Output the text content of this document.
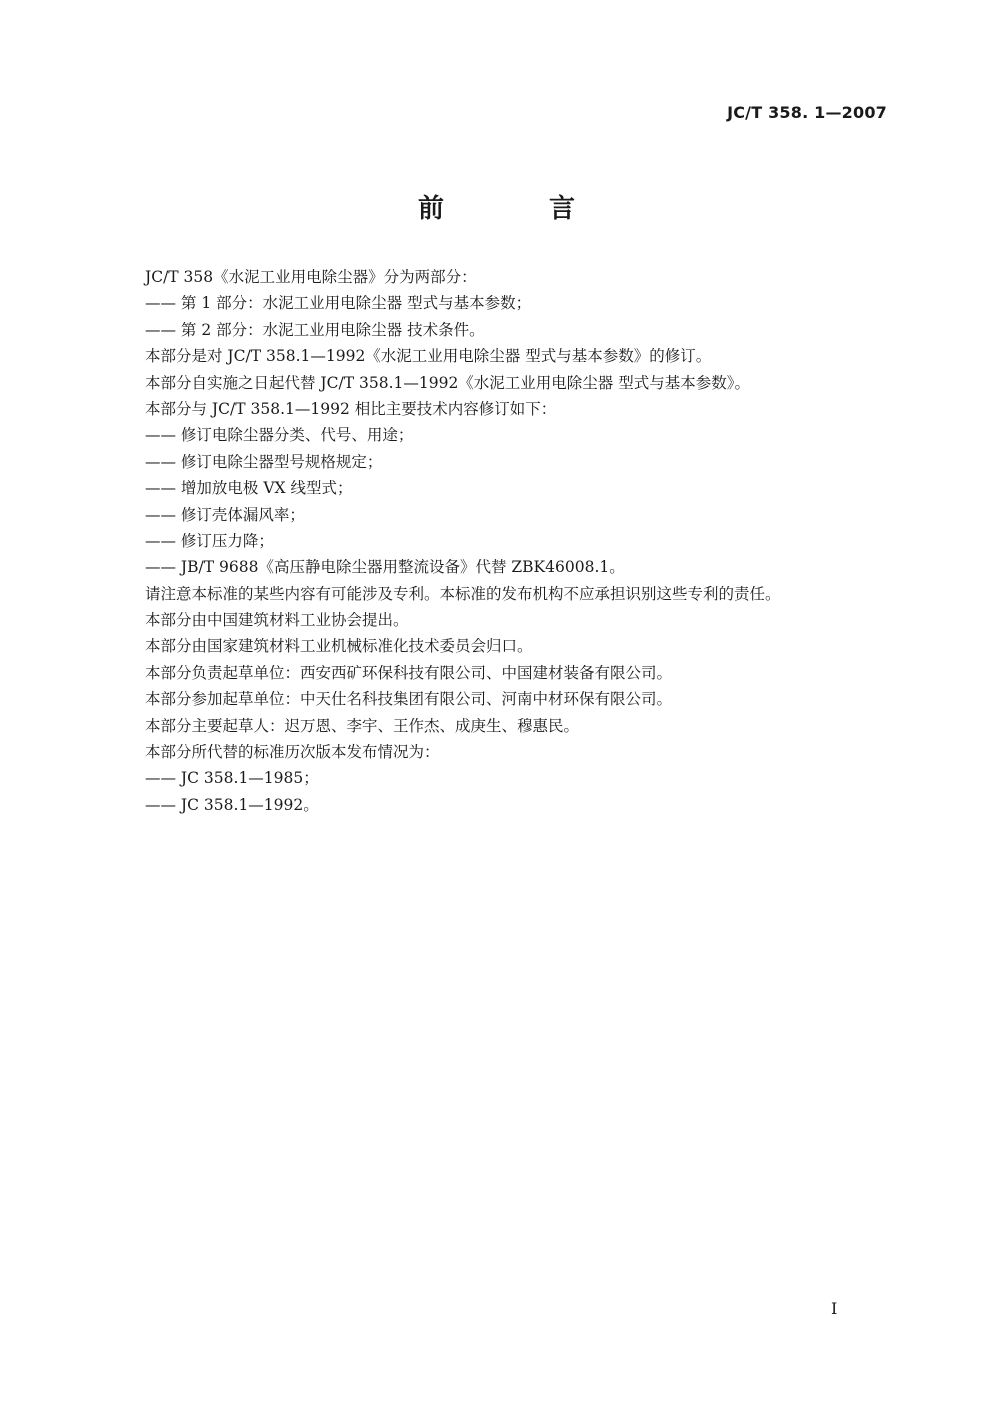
JC/T 358. 1—2007
前 言
JC/T 358《水泥工业用电除尘器》分为两部分：
—— 第 1 部分：水泥工业用电除尘器 型式与基本参数；
—— 第 2 部分：水泥工业用电除尘器 技术条件。
本部分是对 JC/T 358.1—1992《水泥工业用电除尘器 型式与基本参数》的修订。
本部分自实施之日起代替 JC/T 358.1—1992《水泥工业用电除尘器 型式与基本参数》。
本部分与 JC/T 358.1—1992 相比主要技术内容修订如下：
—— 修订电除尘器分类、代号、用途；
—— 修订电除尘器型号规格规定；
—— 增加放电极 VX 线型式；
—— 修订壳体漏风率；
—— 修订压力降；
—— JB/T 9688《高压静电除尘器用整流设备》代替 ZBK46008.1。
请注意本标准的某些内容有可能涉及专利。本标准的发布机构不应承担识别这些专利的责任。
本部分由中国建筑材料工业协会提出。
本部分由国家建筑材料工业机械标准化技术委员会归口。
本部分负责起草单位：西安西矿环保科技有限公司、中国建材装备有限公司。
本部分参加起草单位：中天仕名科技集团有限公司、河南中材环保有限公司。
本部分主要起草人：迟万恩、李宇、王作杰、成庚生、穆惠民。
本部分所代替的标准历次版本发布情况为：
—— JC 358.1—1985；
—— JC 358.1—1992。
I
